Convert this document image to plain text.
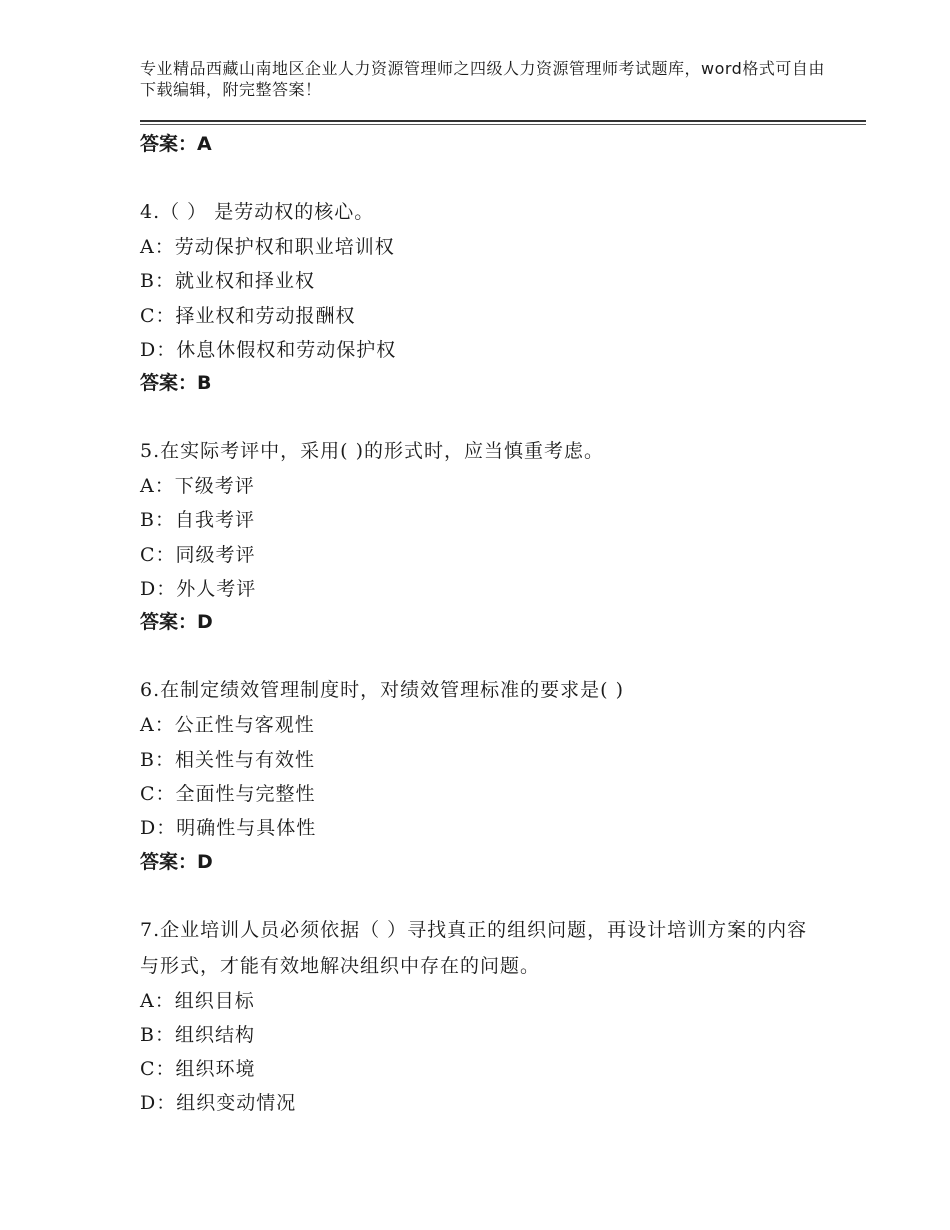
专业精品西藏山南地区企业人力资源管理师之四级人力资源管理师考试题库，word格式可自由下载编辑，附完整答案！
答案：A
4.（ ） 是劳动权的核心。
A：劳动保护权和职业培训权
B：就业权和择业权
C：择业权和劳动报酬权
D：休息休假权和劳动保护权
答案：B
5.在实际考评中，采用( )的形式时，应当慎重考虑。
A：下级考评
B：自我考评
C：同级考评
D：外人考评
答案：D
6.在制定绩效管理制度时，对绩效管理标准的要求是( )
A：公正性与客观性
B：相关性与有效性
C：全面性与完整性
D：明确性与具体性
答案：D
7.企业培训人员必须依据（ ）寻找真正的组织问题，再设计培训方案的内容与形式，才能有效地解决组织中存在的问题。
A：组织目标
B：组织结构
C：组织环境
D：组织变动情况
